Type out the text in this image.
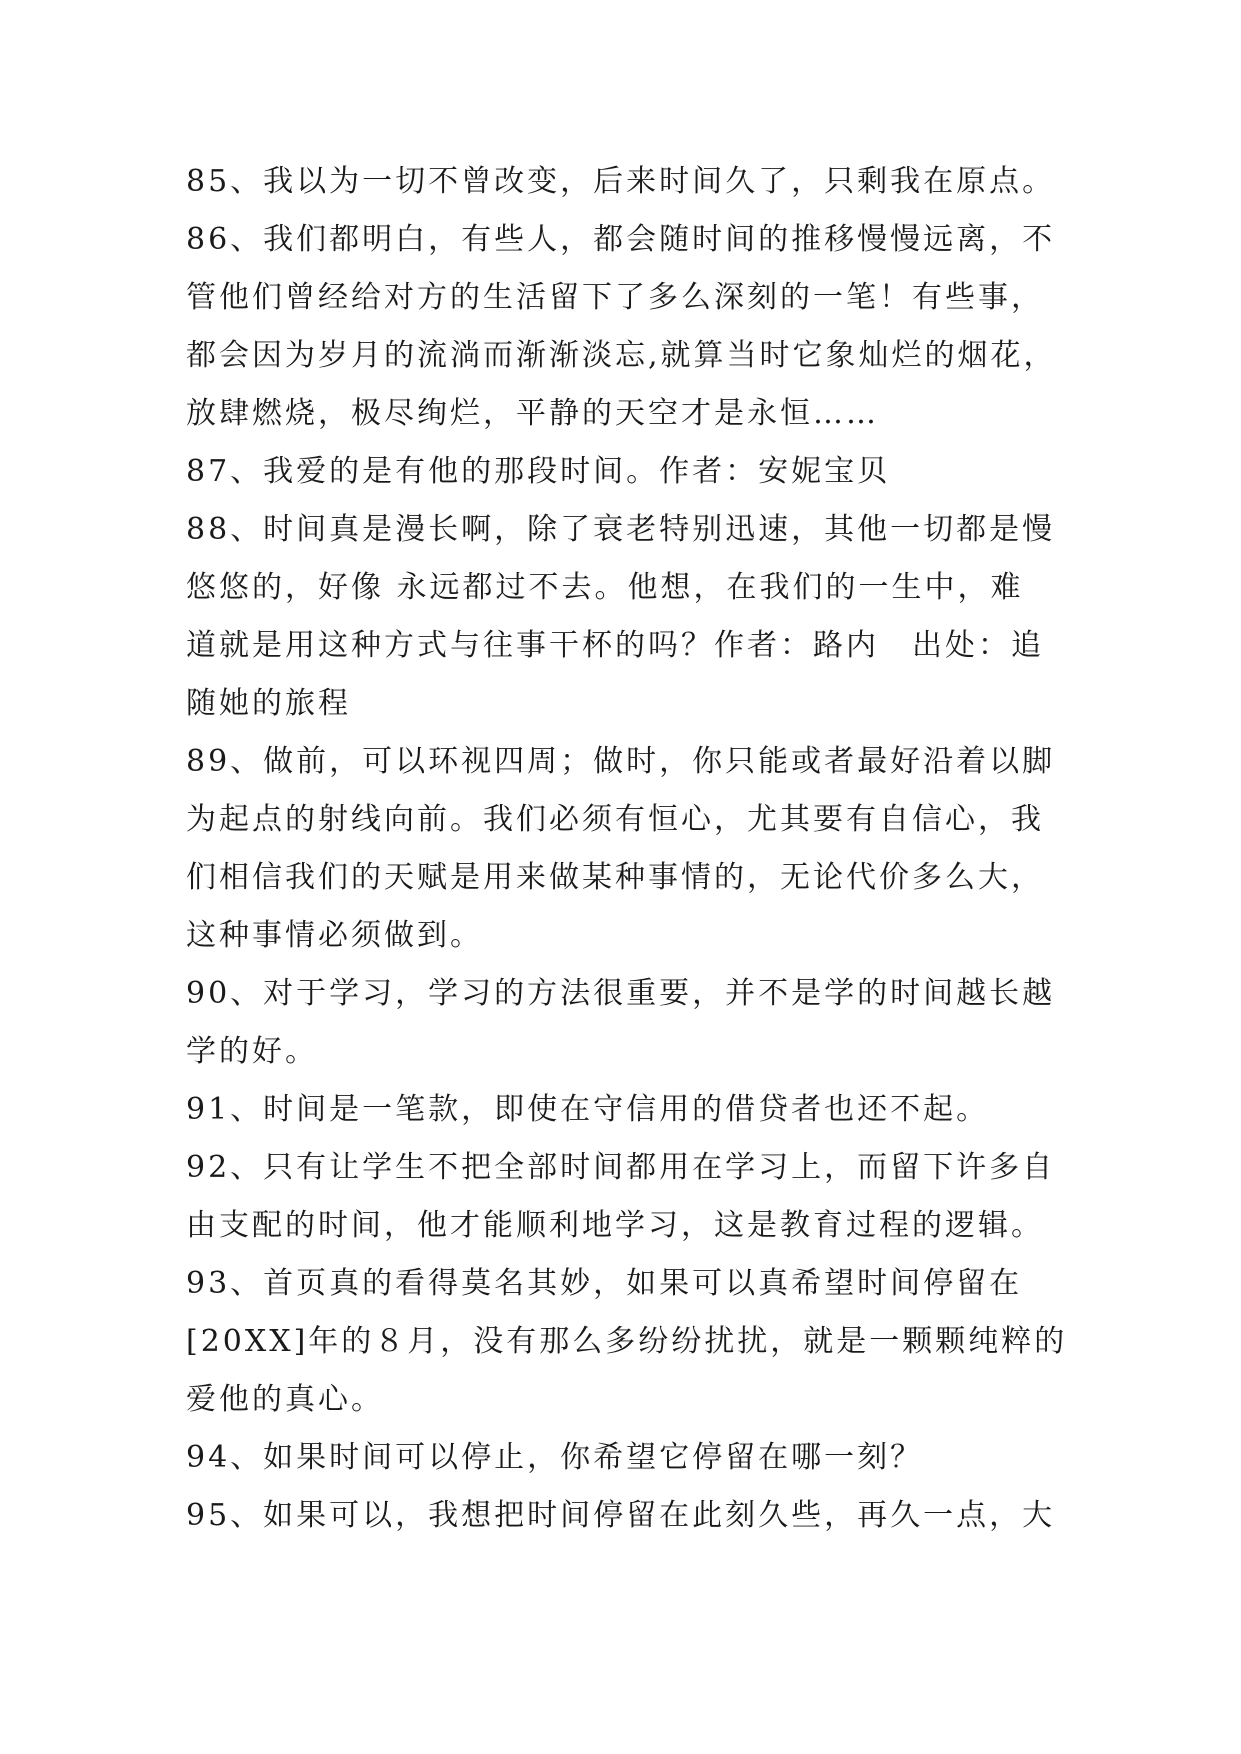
85、我以为一切不曾改变，后来时间久了，只剩我在原点。
86、我们都明白，有些人，都会随时间的推移慢慢远离，不
管他们曾经给对方的生活留下了多么深刻的一笔！有些事，
都会因为岁月的流淌而渐渐淡忘,就算当时它象灿烂的烟花，
放肆燃烧，极尽绚烂，平静的天空才是永恒……
87、我爱的是有他的那段时间。作者：安妮宝贝
88、时间真是漫长啊，除了衰老特别迅速，其他一切都是慢
悠悠的，好像 永远都过不去。他想，在我们的一生中，难
道就是用这种方式与往事干杯的吗？作者：路内　出处：追
随她的旅程
89、做前，可以环视四周；做时，你只能或者最好沿着以脚
为起点的射线向前。我们必须有恒心，尤其要有自信心，我
们相信我们的天赋是用来做某种事情的，无论代价多么大，
这种事情必须做到。
90、对于学习，学习的方法很重要，并不是学的时间越长越
学的好。
91、时间是一笔款，即使在守信用的借贷者也还不起。
92、只有让学生不把全部时间都用在学习上，而留下许多自
由支配的时间，他才能顺利地学习，这是教育过程的逻辑。
93、首页真的看得莫名其妙，如果可以真希望时间停留在
[20XX]年的８月，没有那么多纷纷扰扰，就是一颗颗纯粹的
爱他的真心。
94、如果时间可以停止，你希望它停留在哪一刻？
95、如果可以，我想把时间停留在此刻久些，再久一点，大
